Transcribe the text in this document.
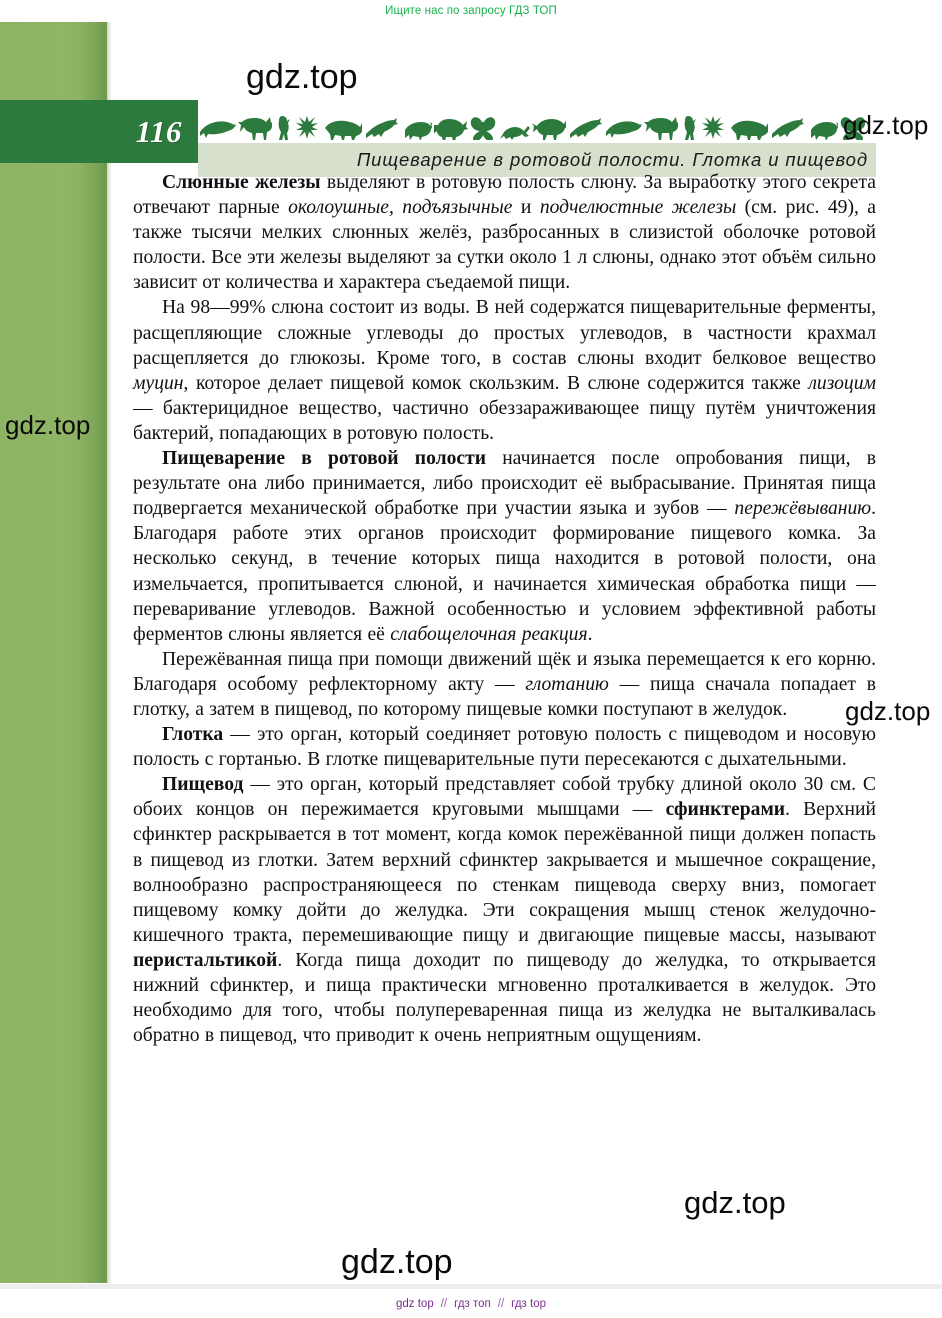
Ищите нас по запросу ГДЗ ТОП
116
Пищеварение в ротовой полости. Глотка и пищевод

Слюнные железы выделяют в ротовую полость слюну. За выработку этого секрета отвечают парные околоушные, подъязычные и подчелюстные железы (см. рис. 49), а также тысячи мелких слюнных желёз, разбросанных в слизистой оболочке ротовой полости. Все эти железы выделяют за сутки около 1 л слюны, однако этот объём сильно зависит от количества и характера съедаемой пищи.

На 98—99% слюна состоит из воды. В ней содержатся пищеварительные ферменты, расщепляющие сложные углеводы до простых углеводов, в частности крахмал расщепляется до глюкозы. Кроме того, в состав слюны входит белковое вещество муцин, которое делает пищевой комок скользким. В слюне содержится также лизоцим — бактерицидное вещество, частично обеззараживающее пищу путём уничтожения бактерий, попадающих в ротовую полость.

Пищеварение в ротовой полости начинается после опробования пищи, в результате она либо принимается, либо происходит её выбрасывание. Принятая пища подвергается механической обработке при участии языка и зубов — пережёвыванию. Благодаря работе этих органов происходит формирование пищевого комка. За несколько секунд, в течение которых пища находится в ротовой полости, она измельчается, пропитывается слюной, и начинается химическая обработка пищи — переваривание углеводов. Важной особенностью и условием эффективной работы ферментов слюны является её слабощелочная реакция.

Пережёванная пища при помощи движений щёк и языка перемещается к его корню. Благодаря особому рефлекторному акту — глотанию — пища сначала попадает в глотку, а затем в пищевод, по которому пищевые комки поступают в желудок.

Глотка — это орган, который соединяет ротовую полость с пищеводом и носовую полость с гортанью. В глотке пищеварительные пути пересекаются с дыхательными.

Пищевод — это орган, который представляет собой трубку длиной около 30 см. С обоих концов он пережимается круговыми мышцами — сфинктерами. Верхний сфинктер раскрывается в тот момент, когда комок пережёванной пищи должен попасть в пищевод из глотки. Затем верхний сфинктер закрывается и мышечное сокращение, волнообразно распространяющееся по стенкам пищевода сверху вниз, помогает пищевому комку дойти до желудка. Эти сокращения мышц стенок желудочно-кишечного тракта, перемешивающие пищу и двигающие пищевые массы, называют перистальтикой. Когда пища доходит по пищеводу до желудка, то открывается нижний сфинктер, и пища практически мгновенно проталкивается в желудок. Это необходимо для того, чтобы полупереваренная пища из желудка не выталкивалась обратно в пищевод, что приводит к очень неприятным ощущениям.

gdz.top
gdz.top
gdz.top
gdz.top
gdz.top
gdz.top
gdz top // гдз топ // гдз top
